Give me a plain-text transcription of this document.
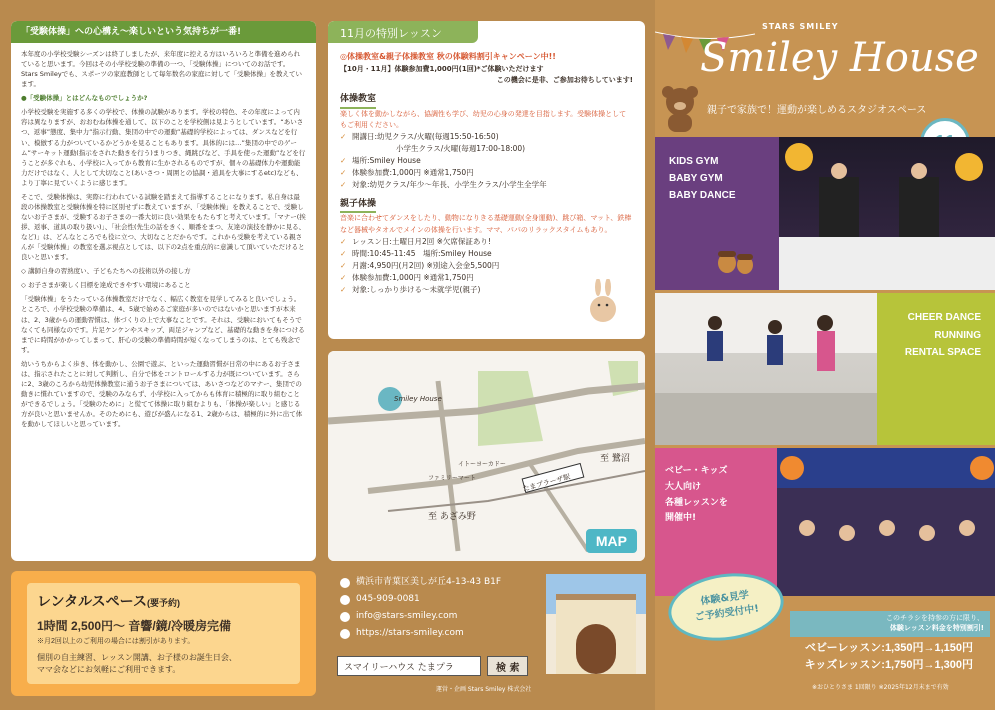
「受験体操」への心構え～楽しいという気持ちが一番!

本年度の小学校受験シーズンは終了しましたが、来年度に控える方はいろいろと準備を進められていると思います。今回はその小学校受験の準備の一つ、「受験体操」についてのお話です。Stars Smileyでも、スポーツの家庭教師として毎年数名の家庭に対して「受験体操」を教えています。

●「受験体操」とはどんなものでしょうか?

小学校受験を実施する多くの学校で、体操の試験があります。学校の特色、その年度によって内容は異なりますが、おおむね体操を通して、以下のことを学校側は見ようとしています。“あいさつ、返事”態度、集中力”指示行動、集団の中での運動”基礎的学校によっては、ダンスなどを行い、模倣する力がついているかどうかを見ることもあります。具体的には…”集団の中でのゲーム”サーキット運動(指示をされた動きを行う)まりつき、縄跳びなど、手具を使った運動”などを行うことが多ぐれも、小学校に入ってから教育に生かされるものですが、個々の基礎体力や運動能力だけではなく、人として大切なこと(あいさつ・周囲との協調・道具を大事にするetc)なども、より丁寧に見ていくように感じます。

そこで、受験体操は、実際に行われている試験を踏まえて指導することになります。私自身は最段の体操教室と受験体操を特に区別せずに教えていますが、「受験体操」を教えることで、受験しないお子さまが、受験するお子さまの一番大切に良い効果をもたらすと考えています。「マナー(挨拶、返事、道具の取り扱い)」、「社会性(先生の話をきく、順番をまつ、友達の演技を静かに見る、など)」は、どんなところでも役に立つ、大切なことだからです。これから受験を考えている親さんが「受験体操」の教室を選ぶ視点としては、以下の2点を重点的に意識して頂いていただけると良いと思います。

◇ 講師自身の習熟度い、子どもたちへの技術以外の接し方

◇ お子さまが楽しく目標を達成できやすい環境にあること

「受験体操」をうたっている体操教室だけでなく、幅広く教室を見学してみると良いでしょう。ところで、小学校受験の準備は、4、5歳で始めるご家庭が多いのではないかと思いますが本来は、2、3歳からの運動習慣は、体づくりの上で大事なことです。それは、受験においてもそうでなくても同様なのです。片足ケンケンやスキップ、両足ジャンプなど、基礎的な動きを身につけるまでに時間がかかってしまって、肝心の受験の準備時間が短くなってしまうのは、とても残念です。

幼いうちからよく歩き、体を動かし、公園で遊ぶ、といった運動習慣が日常の中にあるお子さまは、指示されたことに対して判断し、自分で体をコントロールする力が既についています。さらに2、3歳のころから幼児体操教室に通うお子さまについては、あいさつなどのマナー、集団での動きに慣れていますので、受験のみならず、小学校に入ってからも体育に積極的に取り組むことができるでしょう。「受験のために」と慌てて体操に取り組むよりも、「体操が楽しい」と感じる方が良いと思いませんか。そのためにも、遊びが盛んになる1、2歳からは、積極的に外に出て体を動かしてほしいと思っています。

レンタルスペース(要予約)
1時間 2,500円～ 音響/鏡/冷暖房完備
※月2回以上のご利用の場合には割引があります。
個別の自主練習、レッスン開講、お子様のお誕生日会、
ママ会などにお気軽にご利用できます。
11月の特別レッスン
◎体操教室&親子体操教室 秋の体験料割引キャンペーン中!!
【10月・11月】体験参加費1,000円(1回)*ご体験いただけます
この機会に是非、ご参加お待ちしています!
体操教室
楽しく体を動かしながら、協調性も学び、幼児の心身の発達を目指します。受験体操としてもご利用ください。
✓ 開講日:幼児クラス/火曜(毎週15:50-16:50)
小学生クラス/火曜(毎週17:00-18:00)
✓ 場所:Smiley House
✓ 体験参加費:1,000円 ※通常1,750円
✓ 対象:幼児クラス/年少～年長、小学生クラス/小学生全学年
親子体操
音楽に合わせてダンスをしたり、動物になりきる基礎運動(全身運動)、跳び箱、マット、鉄棒など器械やタオルでメインの体操を行います。ママ、パパのリラックスタイムもあり。
✓ レッスン日:土曜日月2回 ※欠席保証あり!
✓ 時間:10:45-11:45　場所:Smiley House
✓ 月謝:4,950円(月2回) ※別途入会金5,500円
✓ 体験参加費:1,000円 ※通常1,750円
✓ 対象:しっかり歩ける～未就学児(親子)
Smiley House
イトーヨーカドー
ファミリーマート	たまプラーザ駅
至 あざみ野
至 鷺沼
MAP
横浜市青葉区美しが丘4-13-43 B1F
045-909-0081
info@stars-smiley.com
https://stars-smiley.com
スマイリーハウス たまプラ	検 索
運営・企画 Stars Smiley 株式会社
STARS SMILEY
Smiley House
親子で家族で！運動が楽しめるスタジオスペース
KIDS GYM
BABY GYM
BABY DANCE
CHEER DANCE
RUNNING
RENTAL SPACE
ベビー・キッズ
大人向け
各種レッスンを
開催中!
体験&見学
ご予約受付中!	このチラシを持参の方に限り、
体験レッスン料金を特別割引!
ベビーレッスン:1,350円→1,150円
キッズレッスン:1,750円→1,300円
※おひとりさま 1回限り ※2025年12月末まで有効
